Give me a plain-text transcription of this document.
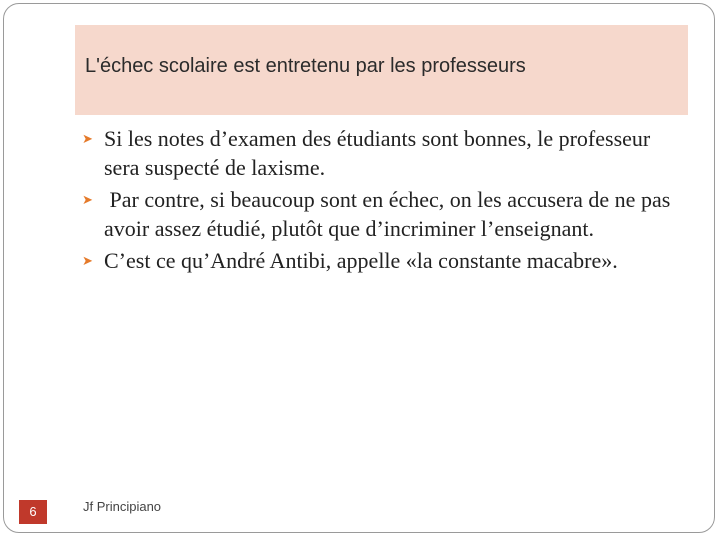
L'échec scolaire est entretenu par les professeurs
➤ Si les notes d’examen des étudiants sont bonnes, le professeur sera suspecté de laxisme.
➤ Par contre, si beaucoup sont en échec, on les accusera de ne pas avoir assez étudié, plutôt que d’incriminer l’enseignant.
➤ C’est ce qu’André Antibi, appelle «la constante macabre».
Jf Principiano
6
